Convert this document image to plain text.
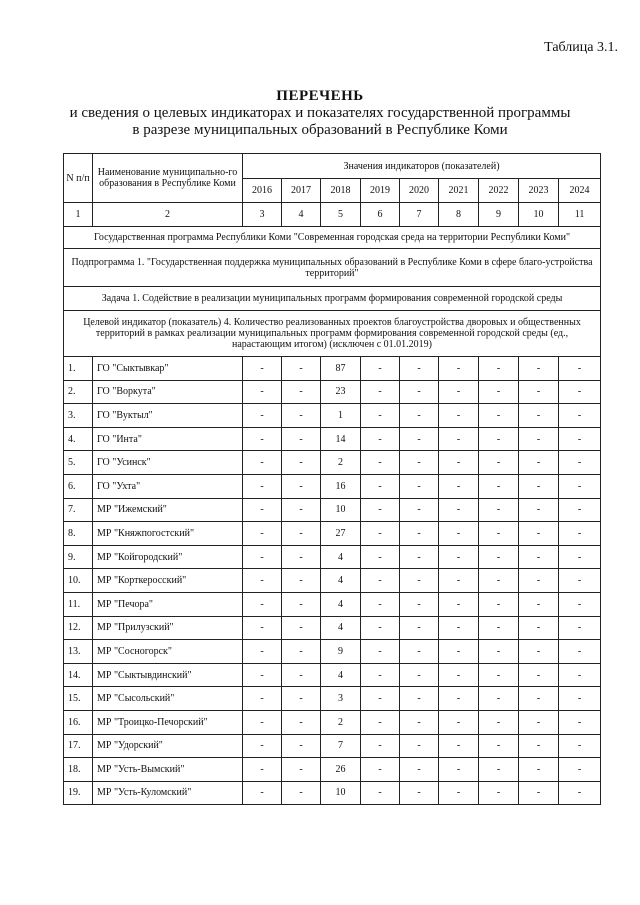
Таблица 3.1.
ПЕРЕЧЕНЬ
и сведения о целевых индикаторах и показателях государственной программы
в разрезе муниципальных образований в Республике Коми
N п/п	Наименование муниципально-го образования в Республике Коми	Значения индикаторов (показателей)								
		2016	2017	2018	2019	2020	2021	2022	2023	2024
1	2	3	4	5	6	7	8	9	10	11
Государственная программа Республики Коми "Современная городская среда на территории Республики Коми"										
Подпрограмма 1. "Государственная поддержка муниципальных образований в Республике Коми в сфере благо-устройства территорий"										
Задача 1. Содействие в реализации муниципальных программ формирования современной городской среды										
Целевой индикатор (показатель) 4. Количество реализованных проектов благоустройства дворовых и общественных территорий в рамках реализации муниципальных программ формирования современной городской среды (ед., нарастающим итогом) (исключен с 01.01.2019)										
1.	ГО "Сыктывкар"	-	-	87	-	-	-	-	-	-
2.	ГО "Воркута"	-	-	23	-	-	-	-	-	-
3.	ГО "Вуктыл"	-	-	1	-	-	-	-	-	-
4.	ГО "Инта"	-	-	14	-	-	-	-	-	-
5.	ГО "Усинск"	-	-	2	-	-	-	-	-	-
6.	ГО "Ухта"	-	-	16	-	-	-	-	-	-
7.	МР "Ижемский"	-	-	10	-	-	-	-	-	-
8.	МР "Княжпогостский"	-	-	27	-	-	-	-	-	-
9.	МР "Койгородский"	-	-	4	-	-	-	-	-	-
10.	МР "Корткеросский"	-	-	4	-	-	-	-	-	-
11.	МР "Печора"	-	-	4	-	-	-	-	-	-
12.	МР "Прилузский"	-	-	4	-	-	-	-	-	-
13.	МР "Сосногорск"	-	-	9	-	-	-	-	-	-
14.	МР "Сыктывдинский"	-	-	4	-	-	-	-	-	-
15.	МР "Сысольский"	-	-	3	-	-	-	-	-	-
16.	МР "Троицко-Печорский"	-	-	2	-	-	-	-	-	-
17.	МР "Удорский"	-	-	7	-	-	-	-	-	-
18.	МР "Усть-Вымский"	-	-	26	-	-	-	-	-	-
19.	МР "Усть-Куломский"	-	-	10	-	-	-	-	-	-
